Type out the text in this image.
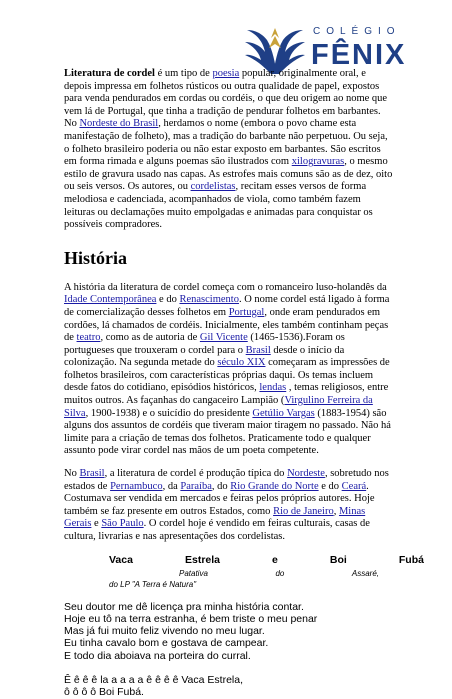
COLÉGIO
FÊNIX

Literatura de cordel é um tipo de poesia popular, originalmente oral, e depois impressa em folhetos rústicos ou outra qualidade de papel, expostos para venda pendurados em cordas ou cordéis, o que deu origem ao nome que vem lá de Portugal, que tinha a tradição de pendurar folhetos em barbantes. No Nordeste do Brasil, herdamos o nome (embora o povo chame esta manifestação de folheto), mas a tradição do barbante não perpetuou. Ou seja, o folheto brasileiro poderia ou não estar exposto em barbantes. São escritos em forma rimada e alguns poemas são ilustrados com xilogravuras, o mesmo estilo de gravura usado nas capas. As estrofes mais comuns são as de dez, oito ou seis versos. Os autores, ou cordelistas, recitam esses versos de forma melodiosa e cadenciada, acompanhados de viola, como também fazem leituras ou declamações muito empolgadas e animadas para conquistar os possíveis compradores.

História

A história da literatura de cordel começa com o romanceiro luso-holandês da Idade Contemporânea e do Renascimento. O nome cordel está ligado à forma de comercialização desses folhetos em Portugal, onde eram pendurados em cordões, lá chamados de cordéis. Inicialmente, eles também continham peças de teatro, como as de autoria de Gil Vicente (1465-1536).Foram os portugueses que trouxeram o cordel para o Brasil desde o início da colonização. Na segunda metade do século XIX começaram as impressões de folhetos brasileiros, com características próprias daqui. Os temas incluem desde fatos do cotidiano, episódios históricos, lendas , temas religiosos, entre muitos outros. As façanhas do cangaceiro Lampião (Virgulino Ferreira da Silva, 1900-1938) e o suicídio do presidente Getúlio Vargas (1883-1954) são alguns dos assuntos de cordéis que tiveram maior tiragem no passado. Não há limite para a criação de temas dos folhetos. Praticamente todo e qualquer assunto pode virar cordel nas mãos de um poeta competente.

No Brasil, a literatura de cordel é produção típica do Nordeste, sobretudo nos estados de Pernambuco, da Paraíba, do Rio Grande do Norte e do Ceará. Costumava ser vendida em mercados e feiras pelos próprios autores. Hoje também se faz presente em outros Estados, como Rio de Janeiro, Minas Gerais e São Paulo. O cordel hoje é vendido em feiras culturais, casas de cultura, livrarias e nas apresentações dos cordelistas.

Vaca	Estrela	e	Boi	Fubá
Patativa	do	Assaré,
do LP "A Terra é Natura"
Seu doutor me dê licença pra minha história contar.
Hoje eu tô na terra estranha, é bem triste o meu penar
Mas já fui muito feliz vivendo no meu lugar.
Eu tinha cavalo bom e gostava de campear.
E todo dia aboiava na porteira do curral.
Ê ê ê ê la a a a a ê ê ê ê Vaca Estrela,
ô ô ô ô Boi Fubá.
